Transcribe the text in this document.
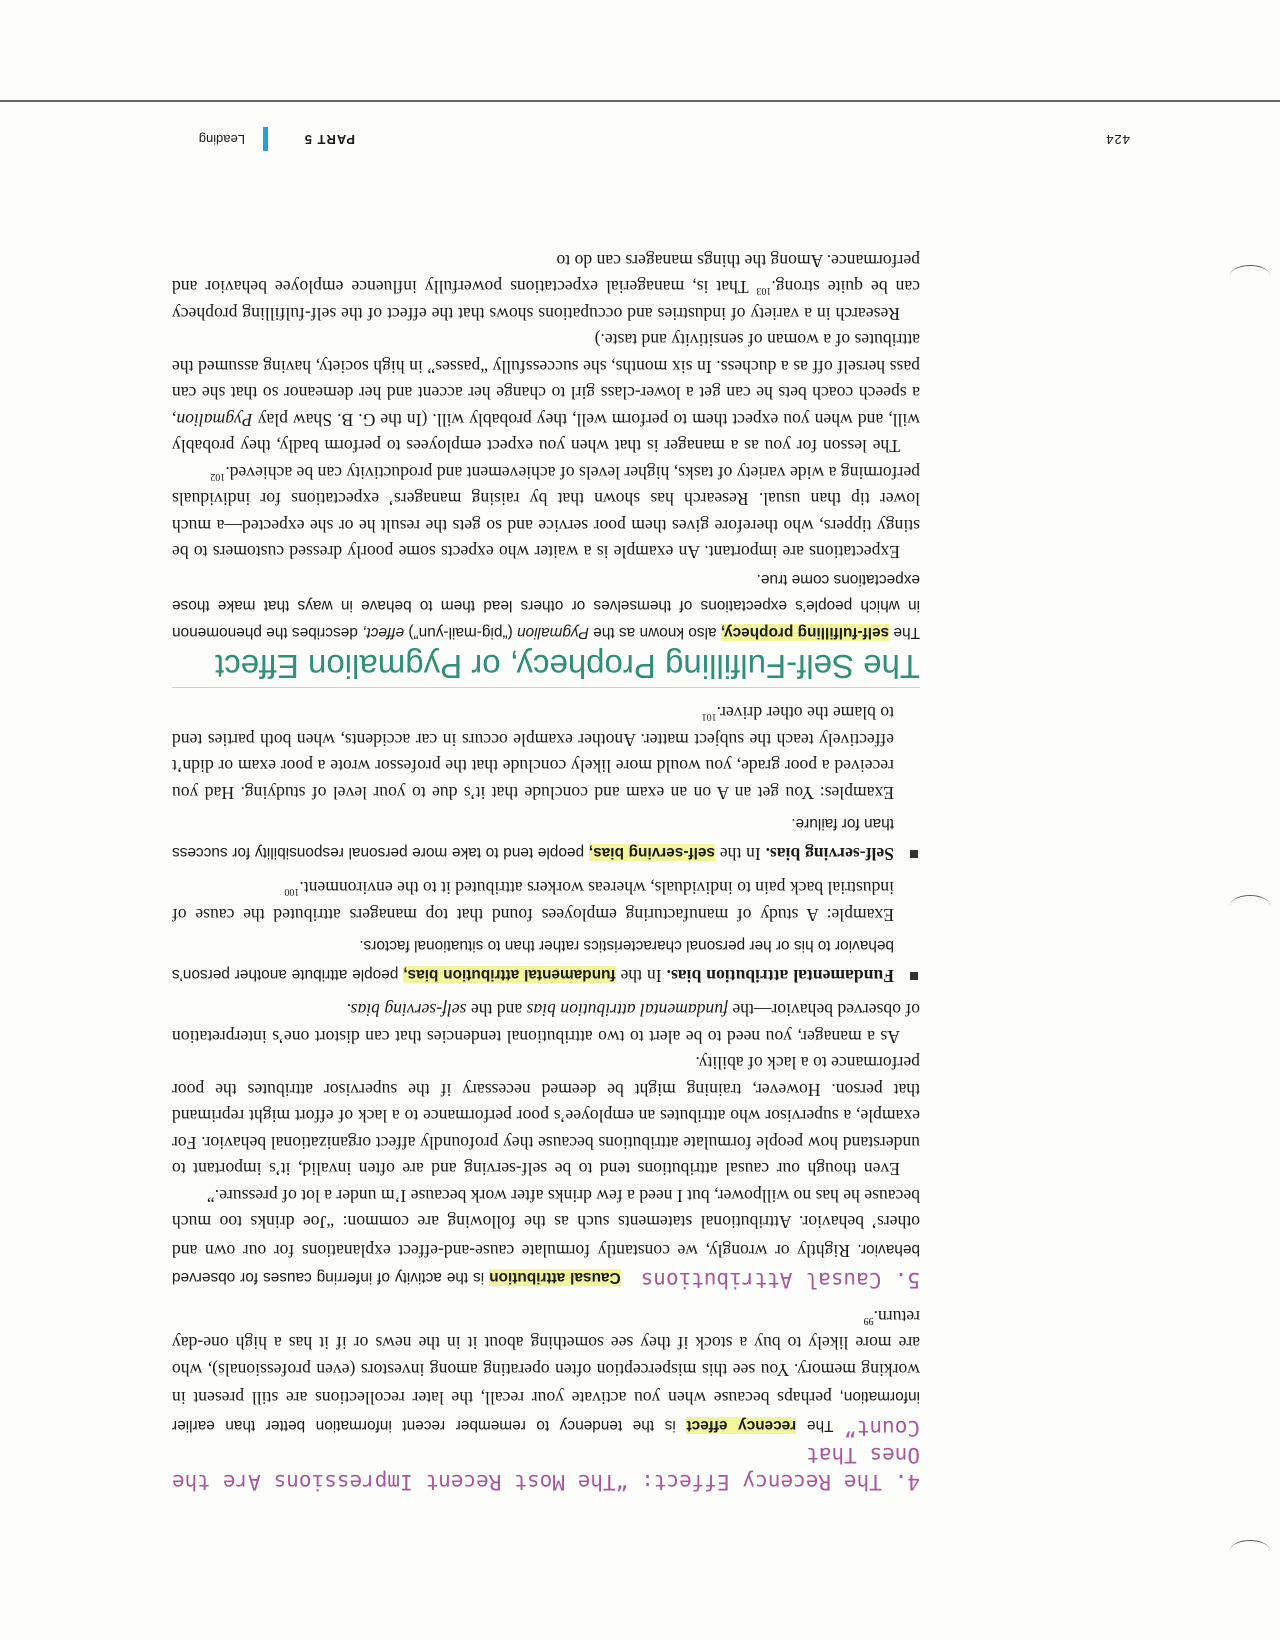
424
PART 5
Leading

4. The Recency Effect: “The Most Recent Impressions Are the Ones That

Count” The recency effect is the tendency to remember recent information better than earlier information, perhaps because when you activate your recall, the later recollections are still present in working memory. You see this misperception often operating among investors (even professionals), who are more likely to buy a stock if they see something about it in the news or if it has a high one-day return.$^{99}$

5. Causal Attributions    Causal attribution is the activity of inferring causes for observed behavior. Rightly or wrongly, we constantly formulate cause-and-effect explanations for our own and others’ behavior. Attributional statements such as the following are common: “Joe drinks too much because he has no willpower, but I need a few drinks after work because I’m under a lot of pressure.”

Even though our causal attributions tend to be self-serving and are often invalid, it’s important to understand how people formulate attributions because they profoundly affect organizational behavior. For example, a supervisor who attributes an employee’s poor performance to a lack of effort might reprimand that person. However, training might be deemed necessary if the supervisor attributes the poor performance to a lack of ability.

As a manager, you need to be alert to two attributional tendencies that can distort one’s interpretation of observed behavior—the fundamental attribution bias and the self-serving bias.

Fundamental attribution bias. In the fundamental attribution bias, people attribute another person’s behavior to his or her personal characteristics rather than to situational factors.

Example: A study of manufacturing employees found that top managers attributed the cause of industrial back pain to individuals, whereas workers attributed it to the environment.$^{100}$

Self-serving bias. In the self-serving bias, people tend to take more personal responsibility for success than for failure.

Examples: You get an A on an exam and conclude that it’s due to your level of studying. Had you received a poor grade, you would more likely conclude that the professor wrote a poor exam or didn’t effectively teach the subject matter. Another example occurs in car accidents, when both parties tend to blame the other driver.$^{101}$

The Self-Fulfilling Prophecy, or Pygmalion Effect

The self-fulfilling prophecy, also known as the Pygmalion (“pig-mail-yun”) effect, describes the phenomenon in which people’s expectations of themselves or others lead them to behave in ways that make those expectations come true.

Expectations are important. An example is a waiter who expects some poorly dressed customers to be stingy tippers, who therefore gives them poor service and so gets the result he or she expected—a much lower tip than usual. Research has shown that by raising managers’ expectations for individuals performing a wide variety of tasks, higher levels of achievement and productivity can be achieved.$^{102}$

The lesson for you as a manager is that when you expect employees to perform badly, they probably will, and when you expect them to perform well, they probably will. (In the G. B. Shaw play Pygmalion, a speech coach bets he can get a lower-class girl to change her accent and her demeanor so that she can pass herself off as a duchess. In six months, she successfully “passes” in high society, having assumed the attributes of a woman of sensitivity and taste.)

Research in a variety of industries and occupations shows that the effect of the self-fulfilling prophecy can be quite strong.$^{103}$ That is, managerial expectations powerfully influence employee behavior and performance. Among the things managers can do to
